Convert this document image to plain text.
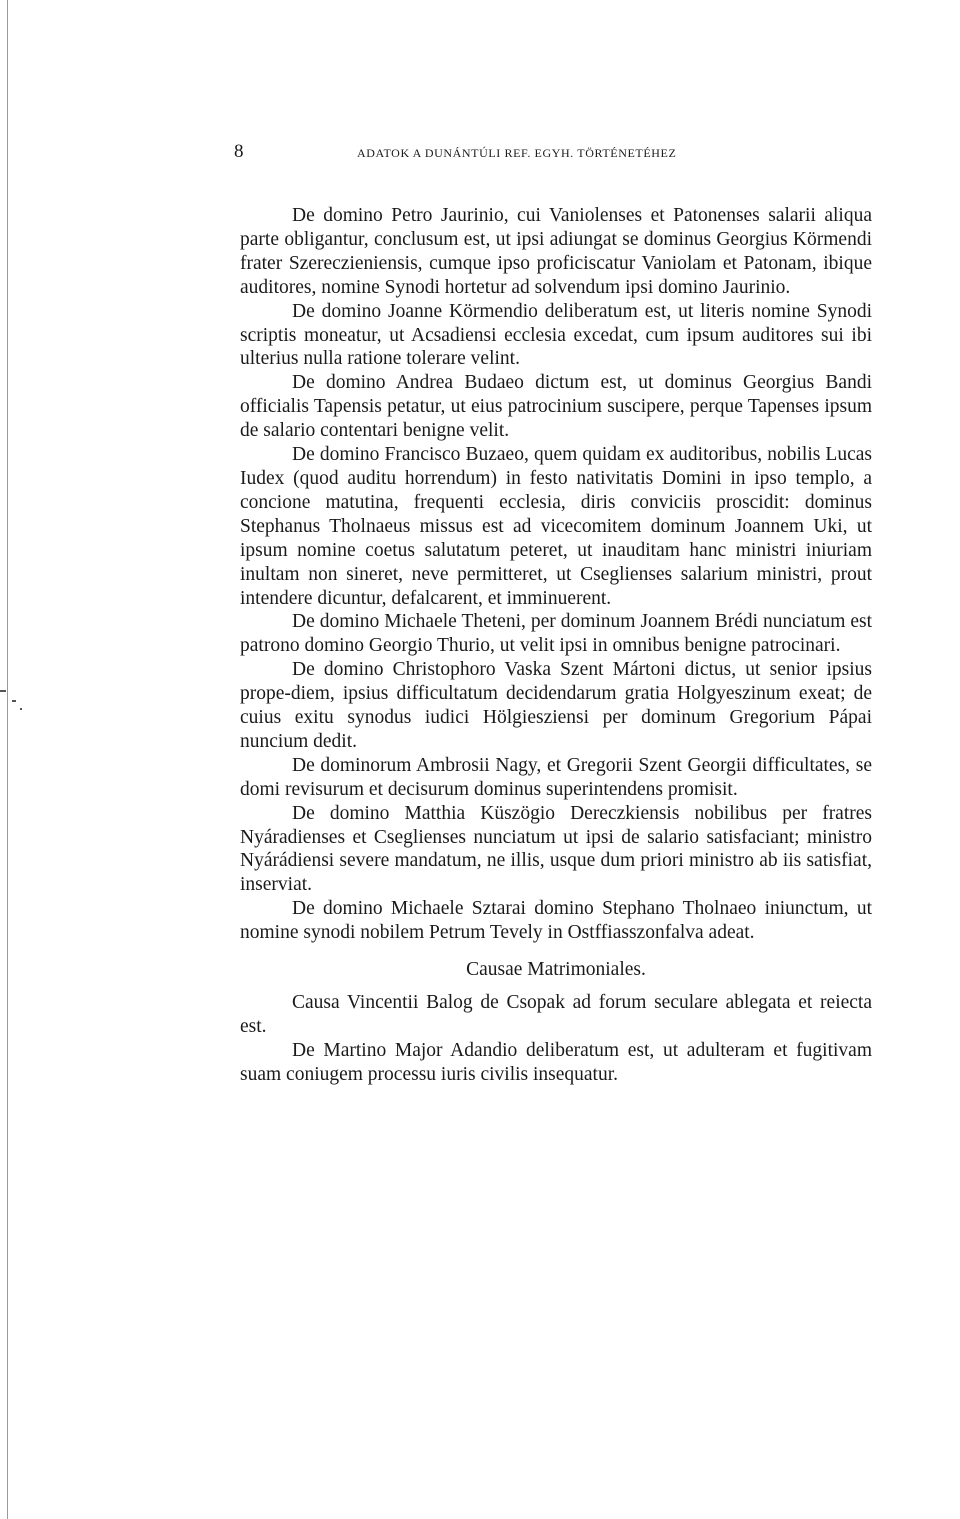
8	ADATOK A DUNÁNTÚLI REF. EGYH. TÖRTÉNETÉHEZ

De domino Petro Jaurinio, cui Vaniolenses et Patonenses salarii aliqua parte obligantur, conclusum est, ut ipsi adiungat se dominus Georgius Körmendi frater Szereczieniensis, cumque ipso proficiscatur Vaniolam et Patonam, ibique auditores, nomine Synodi hortetur ad solvendum ipsi domino Jaurinio.

De domino Joanne Körmendio deliberatum est, ut literis nomine Synodi scriptis moneatur, ut Acsadiensi ecclesia excedat, cum ipsum auditores sui ibi ulterius nulla ratione tolerare velint.

De domino Andrea Budaeo dictum est, ut dominus Georgius Bandi officialis Tapensis petatur, ut eius patrocinium suscipere, perque Tapenses ipsum de salario contentari benigne velit.

De domino Francisco Buzaeo, quem quidam ex auditoribus, nobilis Lucas Iudex (quod auditu horrendum) in festo nativitatis Domini in ipso templo, a concione matutina, frequenti ecclesia, diris conviciis proscidit: dominus Stephanus Tholnaeus missus est ad vicecomitem dominum Joannem Uki, ut ipsum nomine coetus salutatum peteret, ut inauditam hanc ministri iniuriam inultam non sineret, neve permitteret, ut Cseglienses salarium ministri, prout intendere dicuntur, defalcarent, et imminuerent.

De domino Michaele Theteni, per dominum Joannem Brédi nunciatum est patrono domino Georgio Thurio, ut velit ipsi in omnibus benigne patrocinari.

De domino Christophoro Vaska Szent Mártoni dictus, ut senior ipsius prope-diem, ipsius difficultatum decidendarum gratia Holgyeszinum exeat; de cuius exitu synodus iudici Hölgiesziensi per dominum Gregorium Pápai nuncium dedit.

De dominorum Ambrosii Nagy, et Gregorii Szent Georgii difficultates, se domi revisurum et decisurum dominus superintendens promisit.

De domino Matthia Küszögio Dereczkiensis nobilibus per fratres Nyáradienses et Cseglienses nunciatum ut ipsi de salario satisfaciant; ministro Nyárádiensi severe mandatum, ne illis, usque dum priori ministro ab iis satisfiat, inserviat.

De domino Michaele Sztarai domino Stephano Tholnaeo iniunctum, ut nomine synodi nobilem Petrum Tevely in Ostffiasszonfalva adeat.

Causae Matrimoniales.

Causa Vincentii Balog de Csopak ad forum seculare ablegata et reiecta est.

De Martino Major Adandio deliberatum est, ut adulteram et fugitivam suam coniugem processu iuris civilis insequatur.
